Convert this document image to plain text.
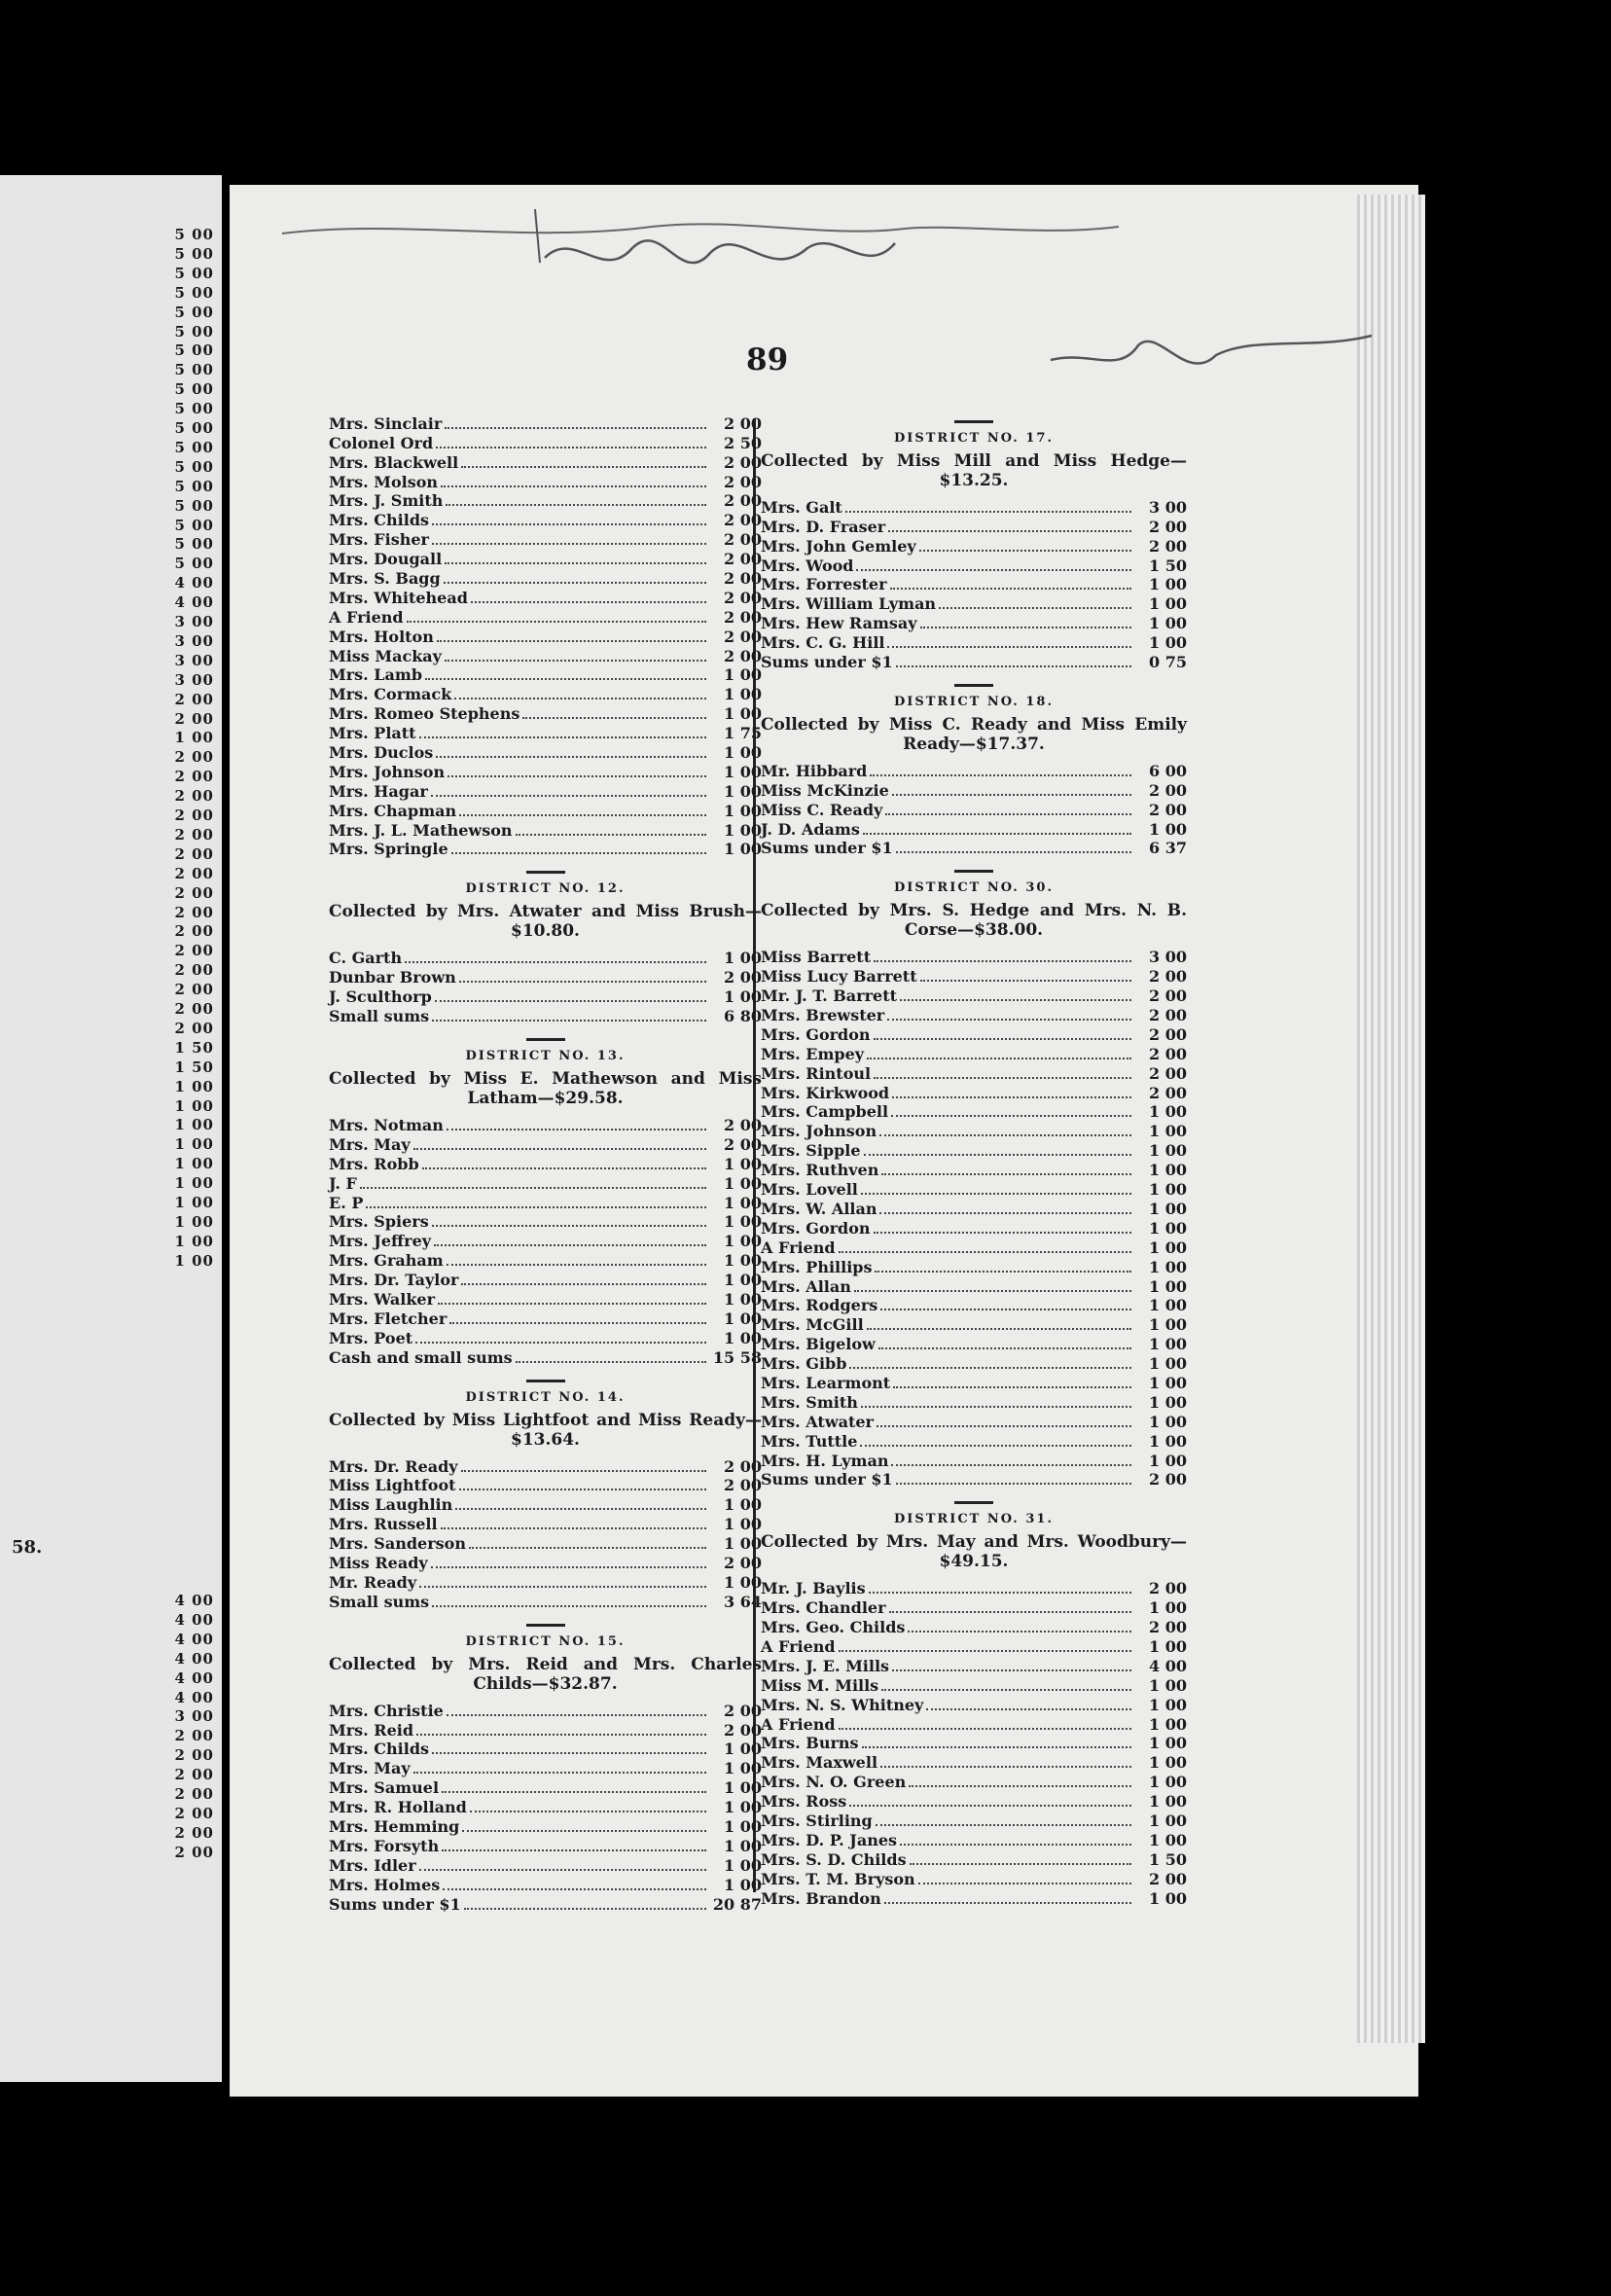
5 00
5 00
5 00
5 00
5 00
5 00
5 00
5 00
5 00
5 00
5 00
5 00
5 00
5 00
5 00
5 00
5 00
5 00
4 00
4 00
3 00
3 00
3 00
3 00
2 00
2 00
1 00
2 00
2 00
2 00
2 00
2 00
2 00
2 00
2 00
2 00
2 00
2 00
2 00
2 00
2 00
2 00
1 50
1 50
1 00
1 00
1 00
1 00
1 00
1 00
1 00
1 00
1 00
1 00
58.
4 00
4 00
4 00
4 00
4 00
4 00
3 00
2 00
2 00
2 00
2 00
2 00
2 00
2 00
89
Mrs. Sinclair	2 00
Colonel Ord	2 50
Mrs. Blackwell	2 00
Mrs. Molson	2 00
Mrs. J. Smith	2 00
Mrs. Childs	2 00
Mrs. Fisher	2 00
Mrs. Dougall	2 00
Mrs. S. Bagg	2 00
Mrs. Whitehead	2 00
A Friend	2 00
Mrs. Holton	2 00
Miss Mackay	2 00
Mrs. Lamb	1 00
Mrs. Cormack	1 00
Mrs. Romeo Stephens	1 00
Mrs. Platt	1 75
Mrs. Duclos	1 00
Mrs. Johnson	1 00
Mrs. Hagar	1 00
Mrs. Chapman	1 00
Mrs. J. L. Mathewson	1 00
Mrs. Springle	1 00
DISTRICT NO. 12.
Collected by Mrs. Atwater and Miss Brush—$10.80.
C. Garth	1 00
Dunbar Brown	2 00
J. Sculthorp	1 00
Small sums	6 80
DISTRICT NO. 13.
Collected by Miss E. Mathewson and Miss Latham—$29.58.
Mrs. Notman	2 00
Mrs. May	2 00
Mrs. Robb	1 00
J. F	1 00
E. P	1 00
Mrs. Spiers	1 00
Mrs. Jeffrey	1 00
Mrs. Graham	1 00
Mrs. Dr. Taylor	1 00
Mrs. Walker	1 00
Mrs. Fletcher	1 00
Mrs. Poet	1 00
Cash and small sums	15 58
DISTRICT NO. 14.
Collected by Miss Lightfoot and Miss Ready—$13.64.
Mrs. Dr. Ready	2 00
Miss Lightfoot	2 00
Miss Laughlin	1 00
Mrs. Russell	1 00
Mrs. Sanderson	1 00
Miss Ready	2 00
Mr. Ready	1 00
Small sums	3 64
DISTRICT NO. 15.
Collected by Mrs. Reid and Mrs. Charles Childs—$32.87.
Mrs. Christie	2 00
Mrs. Reid	2 00
Mrs. Childs	1 00
Mrs. May	1 00
Mrs. Samuel	1 00
Mrs. R. Holland	1 00
Mrs. Hemming	1 00
Mrs. Forsyth	1 00
Mrs. Idler	1 00
Mrs. Holmes	1 00
Sums under $1	20 87
DISTRICT NO. 17.
Collected by Miss Mill and Miss Hedge—$13.25.
Mrs. Galt	3 00
Mrs. D. Fraser	2 00
Mrs. John Gemley	2 00
Mrs. Wood	1 50
Mrs. Forrester	1 00
Mrs. William Lyman	1 00
Mrs. Hew Ramsay	1 00
Mrs. C. G. Hill	1 00
Sums under $1	0 75
DISTRICT NO. 18.
Collected by Miss C. Ready and Miss Emily Ready—$17.37.
Mr. Hibbard	6 00
Miss McKinzie	2 00
Miss C. Ready	2 00
J. D. Adams	1 00
Sums under $1	6 37
DISTRICT NO. 30.
Collected by Mrs. S. Hedge and Mrs. N. B. Corse—$38.00.
Miss Barrett	3 00
Miss Lucy Barrett	2 00
Mr. J. T. Barrett	2 00
Mrs. Brewster	2 00
Mrs. Gordon	2 00
Mrs. Empey	2 00
Mrs. Rintoul	2 00
Mrs. Kirkwood	2 00
Mrs. Campbell	1 00
Mrs. Johnson	1 00
Mrs. Sipple	1 00
Mrs. Ruthven	1 00
Mrs. Lovell	1 00
Mrs. W. Allan	1 00
Mrs. Gordon	1 00
A Friend	1 00
Mrs. Phillips	1 00
Mrs. Allan	1 00
Mrs. Rodgers	1 00
Mrs. McGill	1 00
Mrs. Bigelow	1 00
Mrs. Gibb	1 00
Mrs. Learmont	1 00
Mrs. Smith	1 00
Mrs. Atwater	1 00
Mrs. Tuttle	1 00
Mrs. H. Lyman	1 00
Sums under $1	2 00
DISTRICT NO. 31.
Collected by Mrs. May and Mrs. Woodbury—$49.15.
Mr. J. Baylis	2 00
Mrs. Chandler	1 00
Mrs. Geo. Childs	2 00
A Friend	1 00
Mrs. J. E. Mills	4 00
Miss M. Mills	1 00
Mrs. N. S. Whitney	1 00
A Friend	1 00
Mrs. Burns	1 00
Mrs. Maxwell	1 00
Mrs. N. O. Green	1 00
Mrs. Ross	1 00
Mrs. Stirling	1 00
Mrs. D. P. Janes	1 00
Mrs. S. D. Childs	1 50
Mrs. T. M. Bryson	2 00
Mrs. Brandon	1 00
